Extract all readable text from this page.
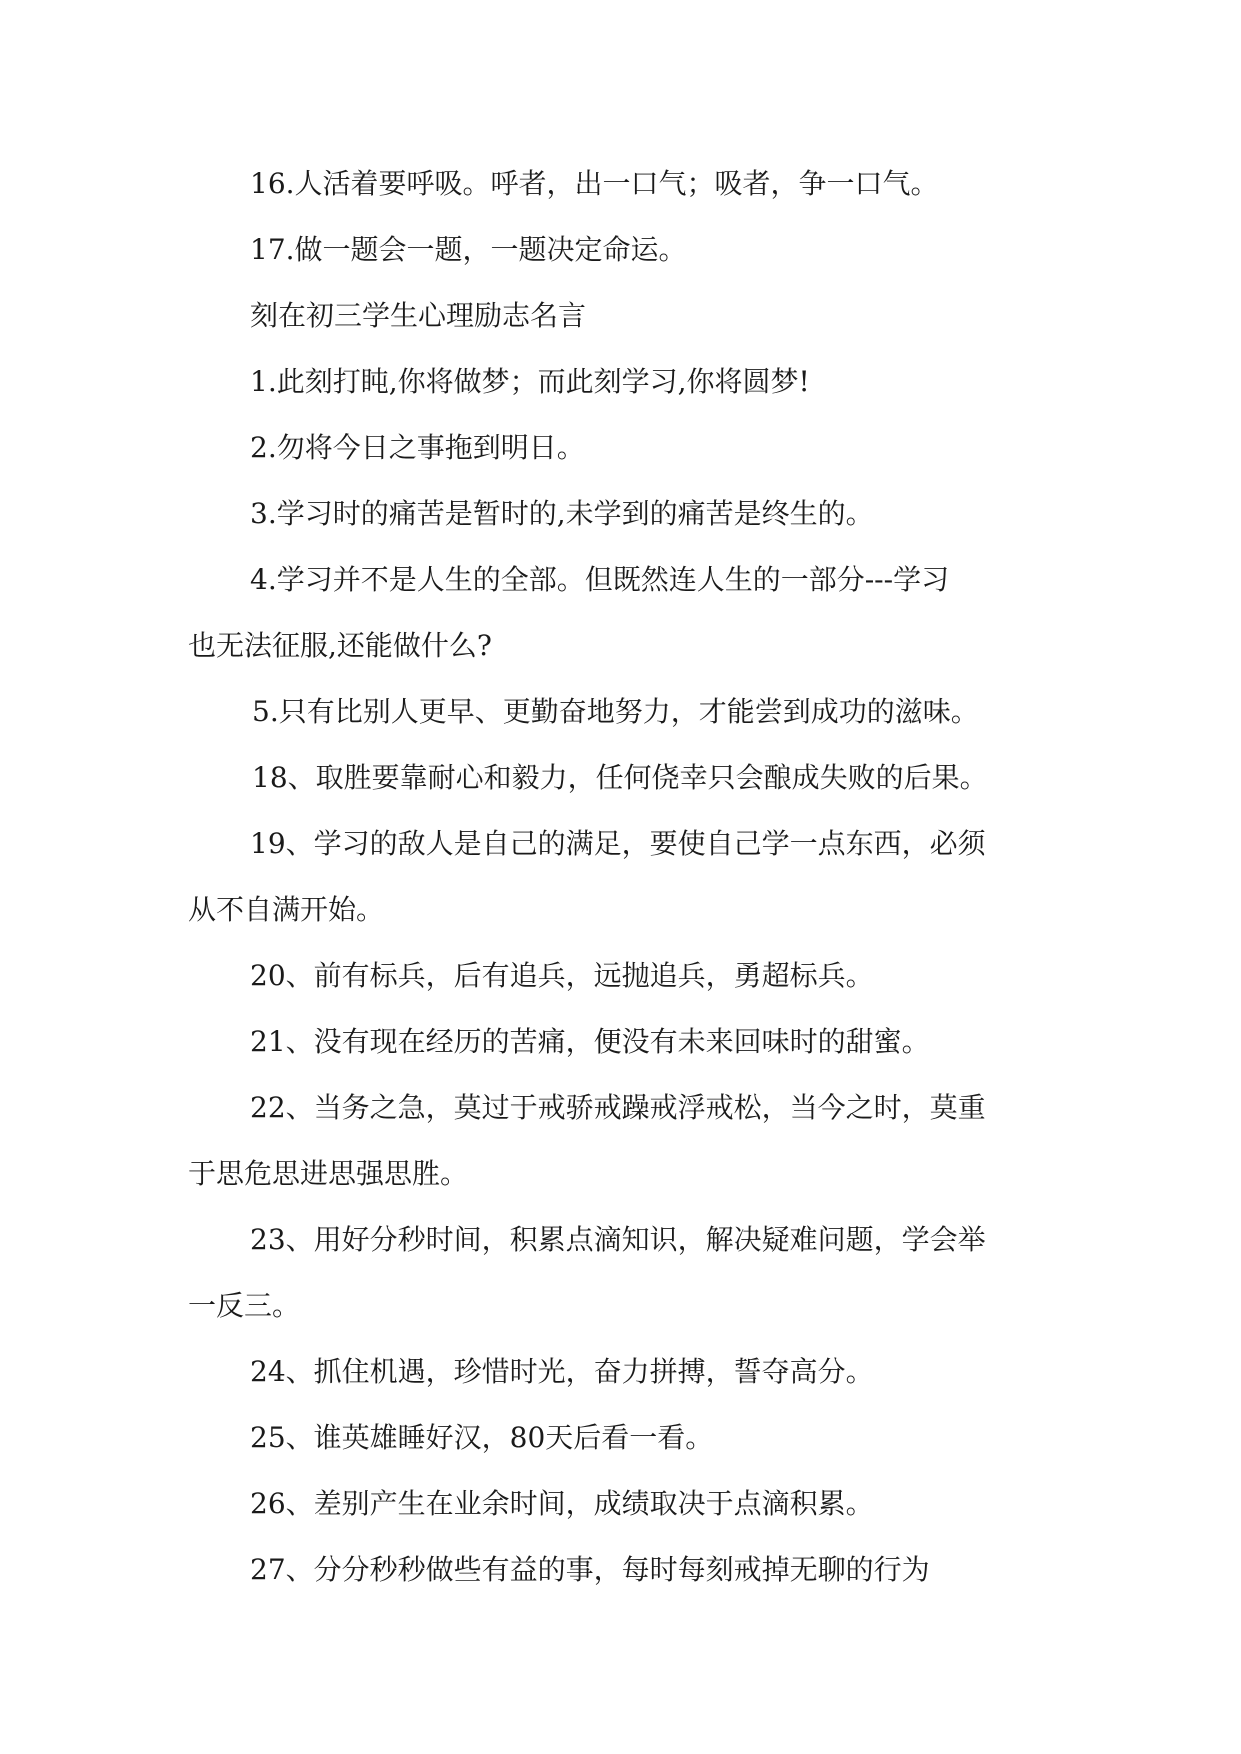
16.人活着要呼吸。呼者，出一口气；吸者，争一口气。

17.做一题会一题，一题决定命运。

刻在初三学生心理励志名言

1.此刻打盹,你将做梦；而此刻学习,你将圆梦!

2.勿将今日之事拖到明日。

3.学习时的痛苦是暂时的,未学到的痛苦是终生的。

4.学习并不是人生的全部。但既然连人生的一部分---学习

也无法征服,还能做什么?

5.只有比别人更早、更勤奋地努力，才能尝到成功的滋味。

18、取胜要靠耐心和毅力，任何侥幸只会酿成失败的后果。

19、学习的敌人是自己的满足，要使自己学一点东西，必须

从不自满开始。

20、前有标兵，后有追兵，远抛追兵，勇超标兵。

21、没有现在经历的苦痛，便没有未来回味时的甜蜜。

22、当务之急，莫过于戒骄戒躁戒浮戒松，当今之时，莫重

于思危思进思强思胜。

23、用好分秒时间，积累点滴知识，解决疑难问题，学会举

一反三。

24、抓住机遇，珍惜时光，奋力拼搏，誓夺高分。

25、谁英雄睡好汉，80天后看一看。

26、差别产生在业余时间，成绩取决于点滴积累。

27、分分秒秒做些有益的事，每时每刻戒掉无聊的行为
